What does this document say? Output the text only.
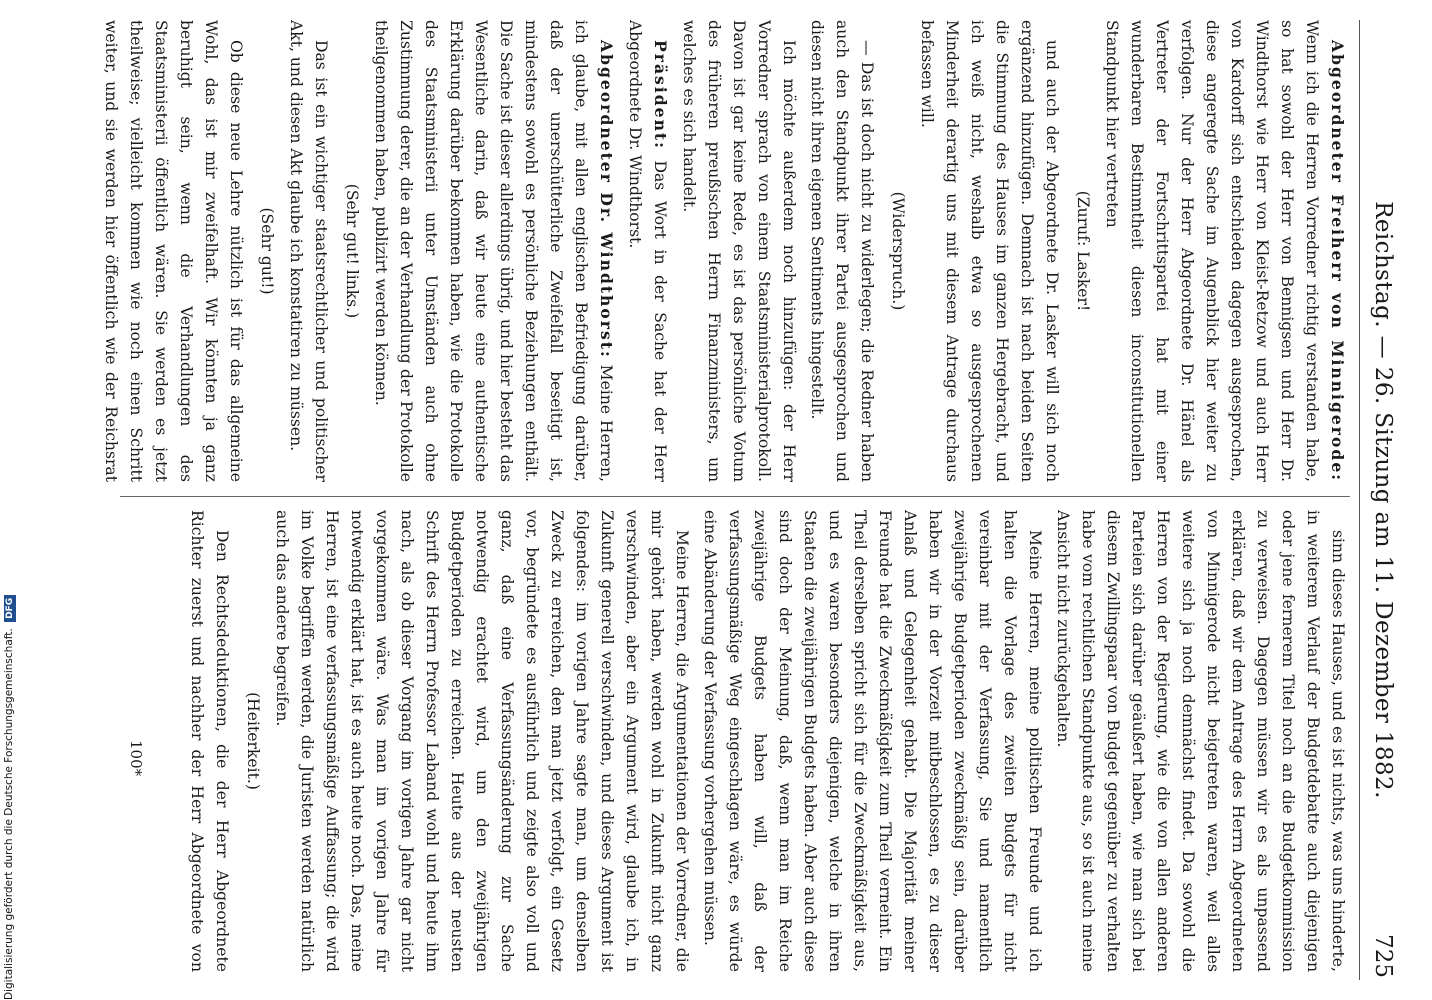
Reichstag. — 26. Sitzung am 11. Dezember 1882.
725

Abgeordneter Freiherr von Minnigerode: Wenn ich die Herren Vorredner richtig verstanden habe, so hat sowohl der Herr von Bennigsen und Herr Dr. Windthorst wie Herr von Kleist-Retzow und auch Herr von Kardorff sich entschieden dagegen ausgesprochen, diese angeregte Sache im Augenblick hier weiter zu verfolgen. Nur der Herr Abgeordnete Dr. Hänel als Vertreter der Fortschrittspartei hat mit einer wunderbaren Bestimmtheit diesen inconstitutionellen Standpunkt hier vertreten

(Zuruf: Lasker!

und auch der Abgeordnete Dr. Lasker will sich noch ergänzend hinzufügen. Demnach ist nach beiden Seiten die Stimmung des Hauses im ganzen Hergebracht, und ich weiß nicht, weshalb etwa so ausgesprochenen Minderheit derartig uns mit diesem Antrage durchaus befassen will.

(Widerspruch.)

— Das ist doch nicht zu widerlegen; die Redner haben auch den Standpunkt ihrer Partei ausgesprochen und diesen nicht ihren eigenen Sentiments hingestellt.

Ich möchte außerdem noch hinzufügen: der Herr Vorredner sprach von einem Staatsministerialprotokoll. Davon ist gar keine Rede, es ist das persönliche Votum des früheren preußischen Herrn Finanzministers, um welches es sich handelt.

Präsident: Das Wort in der Sache hat der Herr Abgeordnete Dr. Windthorst.

Abgeordneter Dr. Windthorst: Meine Herren, ich glaube, mit allen englischen Befriedigung darüber, daß der unerschütterliche Zweifelfall beseitigt ist, mindestens sowohl es persönliche Beziehungen enthält. Die Sache ist dieser allerdings übrig, und hier besteht das Wesentliche darin, daß wir heute eine authentische Erklärung darüber bekommen haben, wie die Protokolle des Staatsministerii unter Umständen auch ohne Zustimmung derer, die an der Verhandlung der Protokolle theilgenommen haben, publizirt werden können.

(Sehr gut! links.)

Das ist ein wichtiger staatsrechtlicher und politischer Akt, und diesen Akt glaube ich konstatiren zu müssen.

(Sehr gut!)

Ob diese neue Lehre nützlich ist für das allgemeine Wohl, das ist mir zweifelhaft. Wir könnten ja ganz beruhigt sein, wenn die Verhandlungen des Staatsministerii öffentlich wären. Sie werden es jetzt theilweise; vielleicht kommen wie noch einen Schritt weiter, und sie werden hier öffentlich wie der Reichsrat

sinn dieses Hauses, und es ist nichts, was uns hinderte, in weiterem Verlauf der Budgetdebatte auch diejenigen oder jene fernerem Titel noch an die Budgetkommission zu verweisen. Dagegen müssen wir es als unpassend erklären, daß wir dem Antrage des Herrn Abgeordneten von Minnigerode nicht beigetreten waren, weil alles weitere sich ja noch demnächst findet. Da sowohl die Herren von der Regierung, wie die von allen anderen Parteien sich darüber geäußert haben, wie man sich bei diesem Zwillingspaar von Budget gegenüber zu verhalten habe vom rechtlichen Standpunkte aus, so ist auch meine Ansicht nicht zurückgehalten.

Meine Herren, meine politischen Freunde und ich halten die Vorlage des zweiten Budgets für nicht vereinbar mit der Verfassung, Sie und namentlich zweijährige Budgetperioden zweckmäßig sein, darüber haben wir in der Vorzeit mitbeschlossen, es zu dieser Anlaß und Gelegenheit gehabt. Die Majorität meiner Freunde hat die Zweckmäßigkeit zum Theil verneint. Ein Theil derselben spricht sich für die Zweckmäßigkeit aus, und es waren besonders diejenigen, welche in ihren Staaten die zweijährigen Budgets haben. Aber auch diese sind doch der Meinung, daß, wenn man im Reiche zweijährige Budgets haben will, daß der verfassungsmäßige Weg eingeschlagen wäre, es würde eine Abänderung der Verfassung vorhergehen müssen.

Meine Herren, die Argumentationen der Vorredner, die mir gehört haben, werden wohl in Zukunft nicht ganz verschwinden, aber ein Argument wird, glaube ich, in Zukunft generell verschwinden, und dieses Argument ist folgendes: im vorigen Jahre sagte man, um denselben Zweck zu erreichen, den man jetzt verfolgt, ein Gesetz vor, begründete es ausführlich und zeigte also voll und ganz, daß eine Verfassungsänderung zur Sache notwendig erachtet wird, um den zweijährigen Budgetperioden zu erreichen. Heute aus der neusten Schrift des Herrn Professor Laband wohl und heute ihm nach, als ob dieser Vorgang im vorigen Jahre gar nicht vorgekommen wäre. Was man im vorigen Jahre für notwendig erklärt hat, ist es auch heute noch. Das, meine Herren, ist eine verfassungsmäßige Auffassung; die wird im Volke begriffen werden, die Juristen werden natürlich auch das andere begreifen.

(Heiterkeit.)

Den Rechtsdeduktionen, die der Herr Abgeordnete Richter zuerst und nachher der Herr Abgeordnete von

100*
Digitalisierung gefördert durch die Deutsche Forschungsgemeinschaft. DFG
